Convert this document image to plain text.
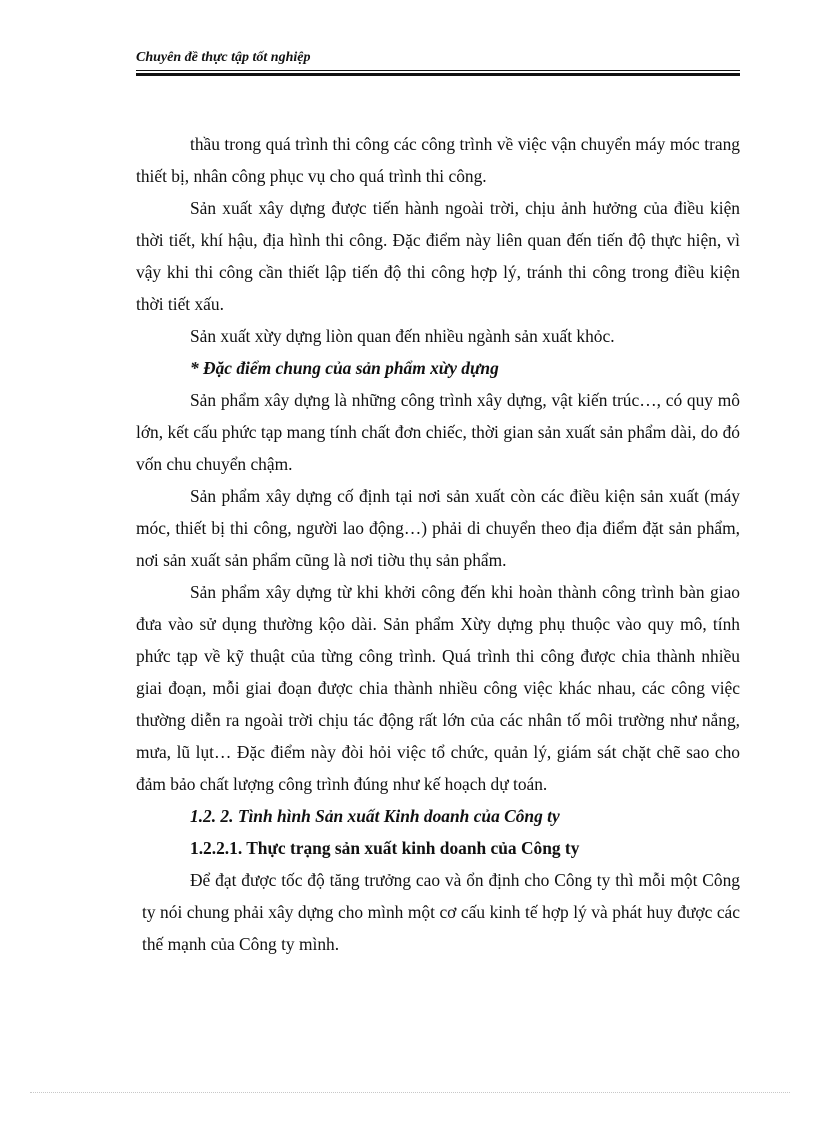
Chuyên đề thực tập tốt nghiệp

thầu trong quá trình thi công các công trình về việc vận chuyển máy móc trang thiết bị, nhân công phục vụ cho quá trình thi công.

Sản xuất xây dựng được tiến hành ngoài trời, chịu ảnh hưởng của điều kiện thời tiết, khí hậu, địa hình thi công. Đặc điểm này liên quan đến tiến độ thực hiện, vì vậy khi thi công cần thiết lập tiến độ thi công hợp lý, tránh thi công trong điều kiện thời tiết xấu.

Sản xuất xừy dựng liòn quan đến nhiều ngành sản xuất khỏc.

* Đặc điểm chung của sản phẩm xừy dựng

Sản phẩm xây dựng là những công trình xây dựng, vật kiến trúc…, có quy mô lớn, kết cấu phức tạp mang tính chất đơn chiếc, thời gian sản xuất sản phẩm dài, do đó vốn chu chuyển chậm.

Sản phẩm xây dựng cố định tại nơi sản xuất còn các điều kiện sản xuất (máy móc, thiết bị thi công, người lao động…) phải di chuyển theo địa điểm đặt sản phẩm, nơi sản xuất sản phẩm cũng là nơi tiờu thụ sản phẩm.

Sản phẩm xây dựng từ khi khởi công đến khi hoàn thành công trình bàn giao đưa vào sử dụng thường kộo dài. Sản phẩm Xừy dựng phụ thuộc vào quy mô, tính phức tạp về kỹ thuật của từng công trình. Quá trình thi công được chia thành nhiều giai đoạn, mỗi giai đoạn được chia thành nhiều công việc khác nhau, các công việc thường diễn ra ngoài trời chịu tác động rất lớn của các nhân tố môi trường như nắng, mưa, lũ lụt… Đặc điểm này đòi hỏi việc tổ chức, quản lý, giám sát chặt chẽ sao cho đảm bảo chất lượng công trình đúng như kế hoạch dự toán.

1.2. 2. Tình hình Sản xuất Kinh doanh của Công ty

1.2.2.1. Thực trạng sản xuất kinh doanh của Công ty

Để đạt được tốc độ tăng trưởng cao và ổn định cho Công ty thì mỗi một Công ty nói chung phải xây dựng cho mình một cơ cấu kinh tế hợp lý và phát huy được các thế mạnh của Công ty mình.
